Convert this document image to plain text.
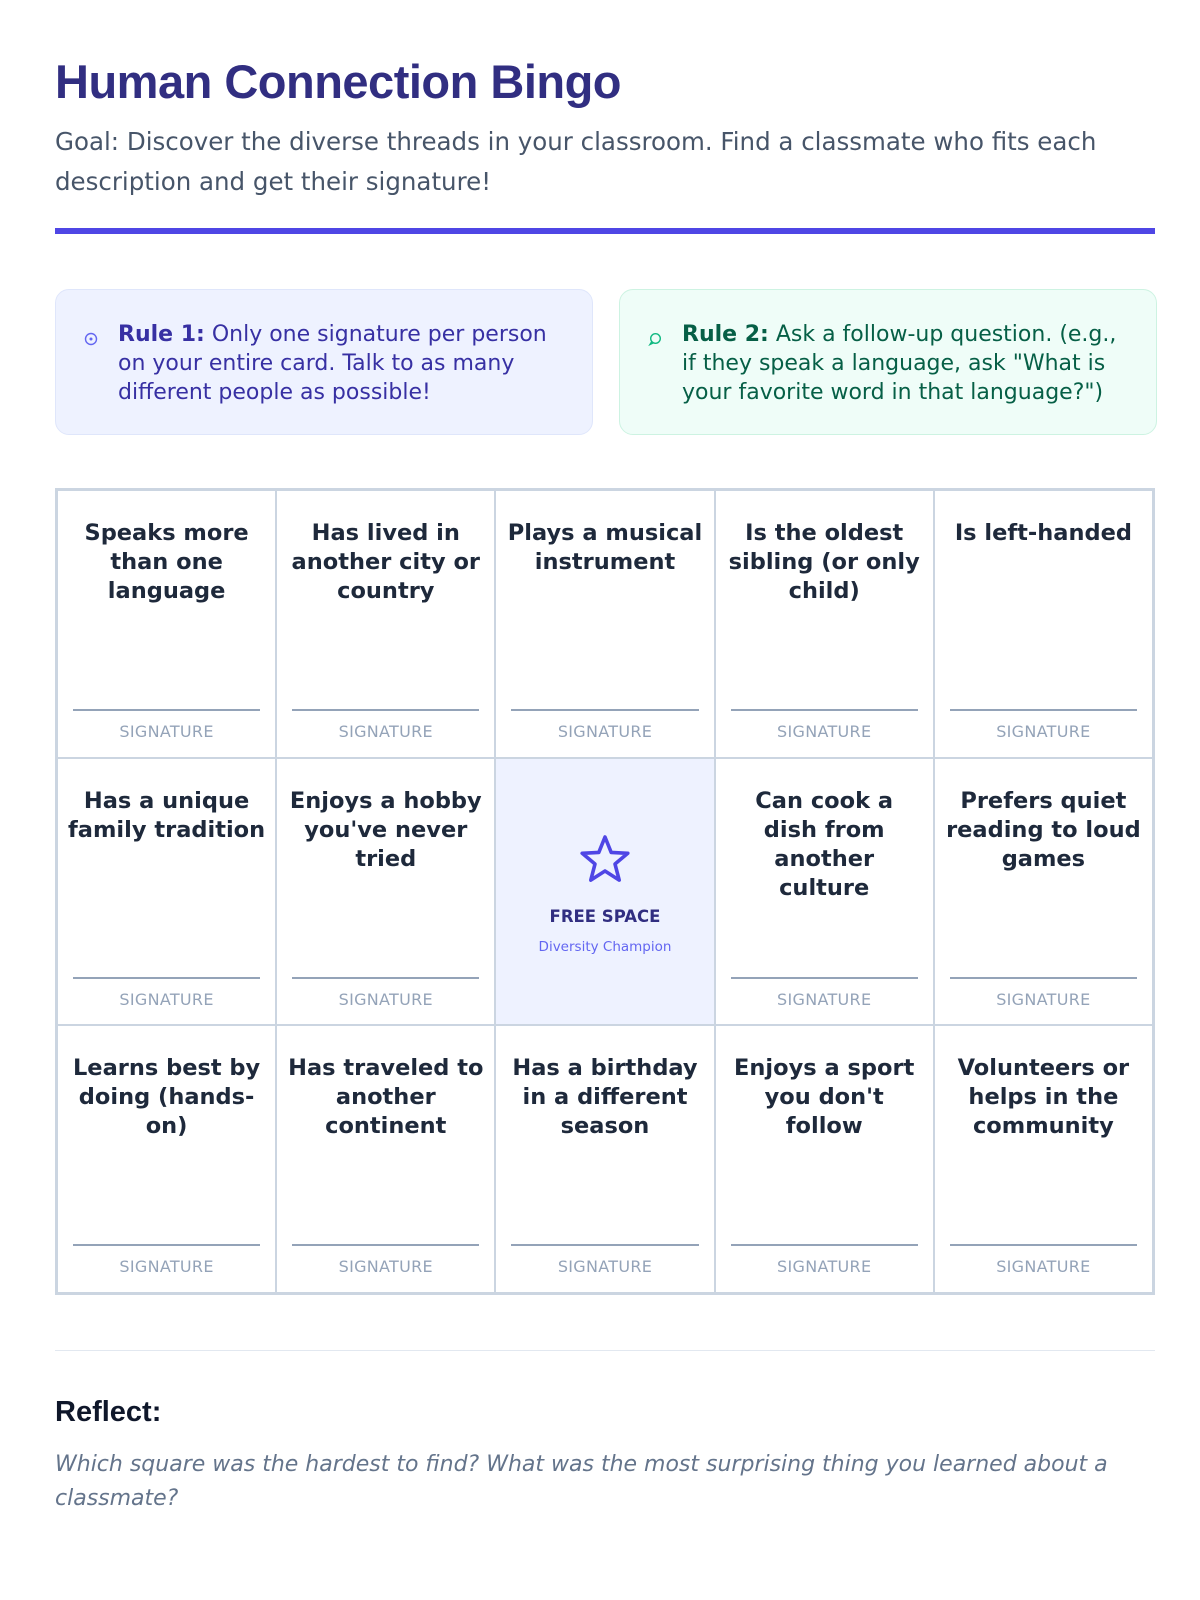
Human Connection Bingo

Goal: Discover the diverse threads in your classroom. Find a classmate who fits each description and get their signature!

Rule 1: Only one signature per person on your entire card. Talk to as many different people as possible!
Rule 2: Ask a follow-up question. (e.g., if they speak a language, ask "What is your favorite word in that language?")
Speaks more than one language
SIGNATURE
Has lived in another city or country
SIGNATURE
Plays a musical instrument
SIGNATURE
Is the oldest sibling (or only child)
SIGNATURE
Is left-handed
SIGNATURE
Has a unique family tradition
SIGNATURE
Enjoys a hobby you've never tried
SIGNATURE
FREE SPACE
Diversity Champion
Can cook a dish from another culture
SIGNATURE
Prefers quiet reading to loud games
SIGNATURE
Learns best by doing (hands-on)
SIGNATURE
Has traveled to another continent
SIGNATURE
Has a birthday in a different season
SIGNATURE
Enjoys a sport you don't follow
SIGNATURE
Volunteers or helps in the community
SIGNATURE
Reflect:

Which square was the hardest to find? What was the most surprising thing you learned about a classmate?
